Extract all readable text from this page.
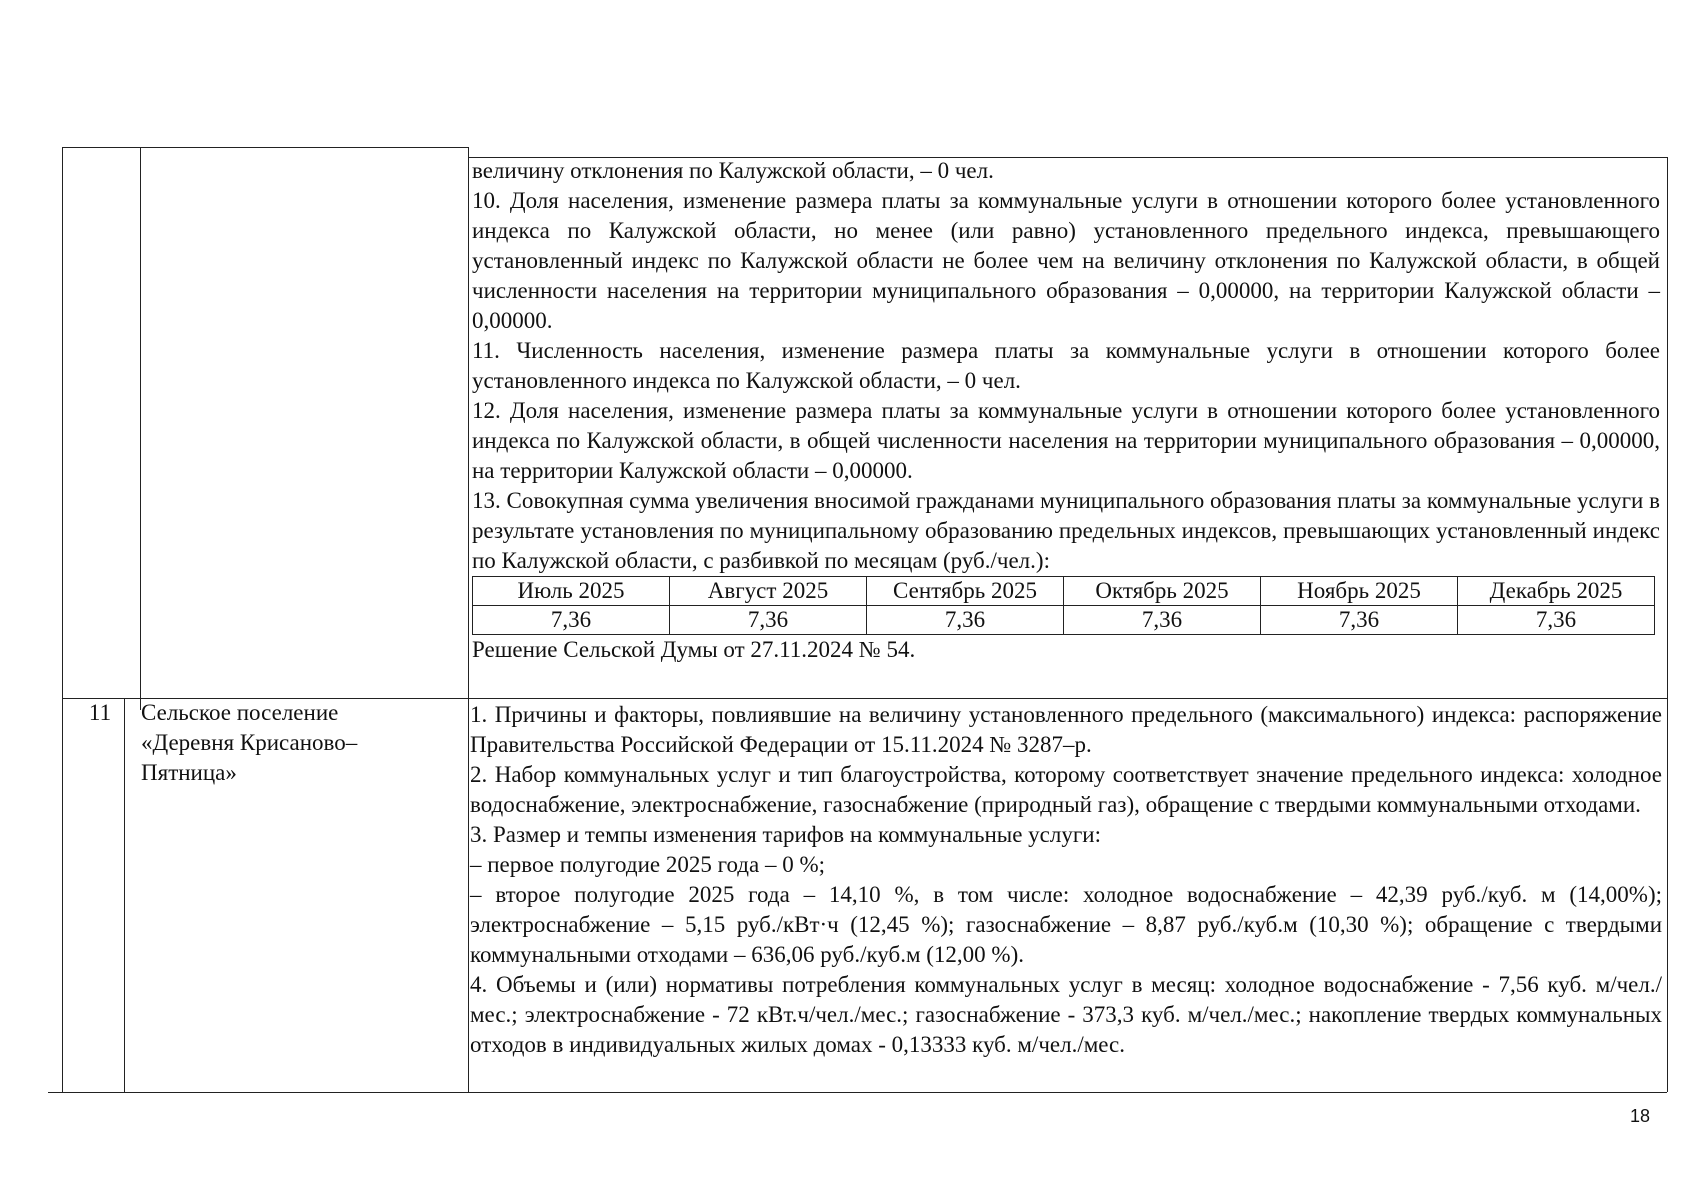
величину отклонения по Калужской области, – 0 чел.

10. Доля населения, изменение размера платы за коммунальные услуги в отношении которого более установленного индекса по Калужской области, но менее (или равно) установленного предельного индекса, превышающего установленный индекс по Калужской области не более чем на величину отклонения по Калужской области, в общей численности населения на территории муниципального образования – 0,00000, на территории Калужской области – 0,00000.

11. Численность населения, изменение размера платы за коммунальные услуги в отношении которого более установленного индекса по Калужской области, – 0 чел.

12. Доля населения, изменение размера платы за коммунальные услуги в отношении которого более установленного индекса по Калужской области, в общей численности населения на территории муниципального образования – 0,00000, на территории Калужской области – 0,00000.

13. Совокупная сумма увеличения вносимой гражданами муниципального образования платы за коммунальные услуги в результате установления по муниципальному образованию предельных индексов, превышающих установленный индекс по Калужской области, с разбивкой по месяцам (руб./чел.):

Июль 2025	Август 2025	Сентябрь 2025	Октябрь 2025	Ноябрь 2025	Декабрь 2025
7,36	7,36	7,36	7,36	7,36	7,36

Решение Сельской Думы от 27.11.2024 № 54.

11	Сельское поселение
«Деревня Крисаново–
Пятница»

1. Причины и факторы, повлиявшие на величину установленного предельного (максимального) индекса: распоряжение Правительства Российской Федерации от 15.11.2024 № 3287–р.

2. Набор коммунальных услуг и тип благоустройства, которому соответствует значение предельного индекса: холодное водоснабжение, электроснабжение, газоснабжение (природный газ), обращение с твердыми коммунальными отходами.

3. Размер и темпы изменения тарифов на коммунальные услуги:

– первое полугодие 2025 года – 0 %;

– второе полугодие 2025 года – 14,10 %, в том числе: холодное водоснабжение – 42,39 руб./куб. м (14,00%); электроснабжение – 5,15 руб./кВт·ч (12,45 %); газоснабжение – 8,87 руб./куб.м (10,30 %); обращение с твердыми коммунальными отходами – 636,06 руб./куб.м (12,00 %).

4. Объемы и (или) нормативы потребления коммунальных услуг в месяц: холодное водоснабжение - 7,56 куб. м/чел./мес.; электроснабжение - 72 кВт.ч/чел./мес.; газоснабжение - 373,3 куб. м/чел./мес.; накопление твердых коммунальных отходов в индивидуальных жилых домах - 0,13333 куб. м/чел./мес.

18
